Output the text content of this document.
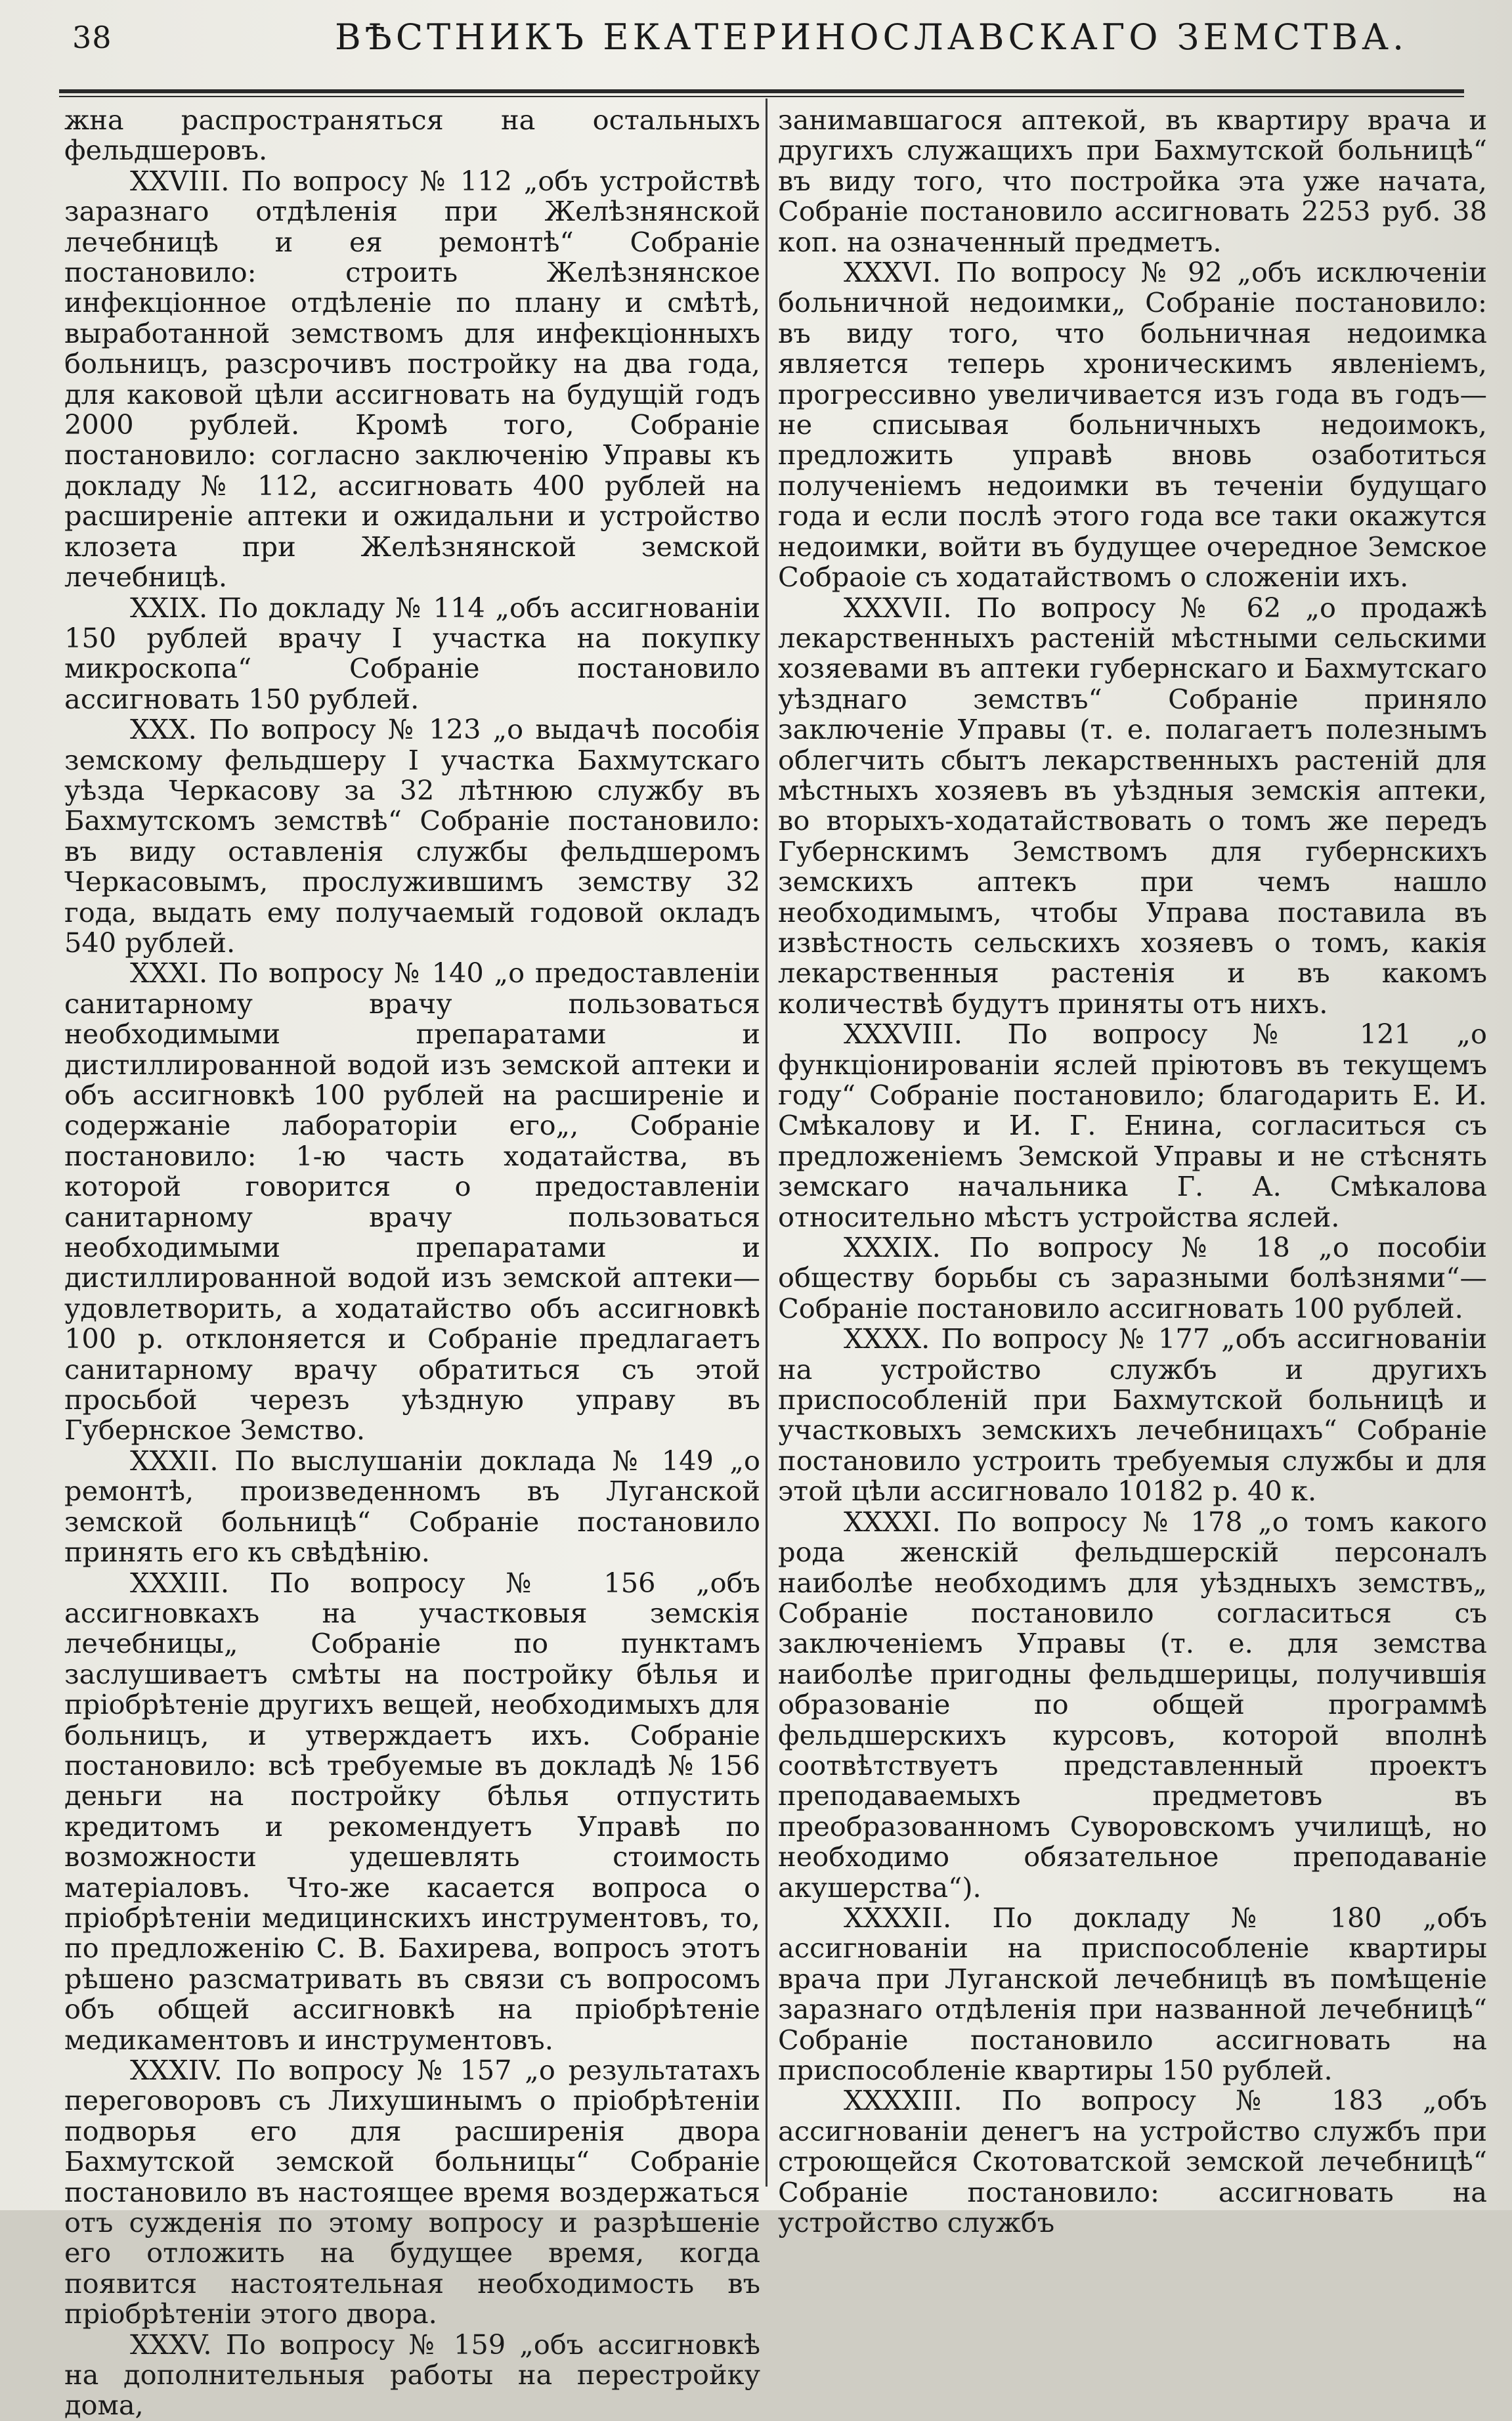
38	ВѢСТНИКЪ ЕКАТЕРИНОСЛАВСКАГО ЗЕМСТВА.

жна распространяться на остальныхъ фельдшеровъ.

XXVIII. По вопросу № 112 „объ устройствѣ заразнаго отдѣленія при Желѣзнянской лечебницѣ и ея ремонтѣ“ Собраніе постановило: строить Желѣзнянское инфекціонное отдѣленіе по плану и смѣтѣ, выработанной земствомъ для инфекціонныхъ больницъ, разсрочивъ постройку на два года, для каковой цѣли ассигновать на будущій годъ 2000 рублей. Кромѣ того, Собраніе постановило: согласно заключенію Управы къ докладу № 112, ассигновать 400 рублей на расширеніе аптеки и ожидальни и устройство клозета при Желѣзнянской земской лечебницѣ.

XXIX. По докладу № 114 „объ ассигнованіи 150 рублей врачу I участка на покупку микроскопа“ Собраніе постановило ассигновать 150 рублей.

XXX. По вопросу № 123 „о выдачѣ пособія земскому фельдшеру I участка Бахмутскаго уѣзда Черкасову за 32 лѣтнюю службу въ Бахмутскомъ земствѣ“ Собраніе постановило: въ виду оставленія службы фельдшеромъ Черкасовымъ, прослужившимъ земству 32 года, выдать ему получаемый годовой окладъ 540 рублей.

XXXI. По вопросу № 140 „о предоставленіи санитарному врачу пользоваться необходимыми препаратами и дистиллированной водой изъ земской аптеки и объ ассигновкѣ 100 рублей на расширеніе и содержаніе лабораторіи его„, Собраніе постановило: 1-ю часть ходатайства, въ которой говорится о предоставленіи санитарному врачу пользоваться необходимыми препаратами и дистиллированной водой изъ земской аптеки—удовлетворить, а ходатайство объ ассигновкѣ 100 р. отклоняется и Собраніе предлагаетъ санитарному врачу обратиться съ этой просьбой черезъ уѣздную управу въ Губернское Земство.

XXXII. По выслушаніи доклада № 149 „о ремонтѣ, произведенномъ въ Луганской земской больницѣ“ Собраніе постановило принять его къ свѣдѣнію.

XXXIII. По вопросу № 156 „объ ассигновкахъ на участковыя земскія лечебницы„ Собраніе по пунктамъ заслушиваетъ смѣты на постройку бѣлья и пріобрѣтеніе другихъ вещей, необходимыхъ для больницъ, и утверждаетъ ихъ. Собраніе постановило: всѣ требуемые въ докладѣ № 156 деньги на постройку бѣлья отпустить кредитомъ и рекомендуетъ Управѣ по возможности удешевлять стоимость матеріаловъ. Что-же касается вопроса о пріобрѣтеніи медицинскихъ инструментовъ, то, по предложенію С. В. Бахирева, вопросъ этотъ рѣшено разсматривать въ связи съ вопросомъ объ общей ассигновкѣ на пріобрѣтеніе медикаментовъ и инструментовъ.

XXXIV. По вопросу № 157 „о результатахъ переговоровъ съ Лихушинымъ о пріобрѣтеніи подворья его для расширенія двора Бахмутской земской больницы“ Собраніе постановило въ настоящее время воздержаться отъ сужденія по этому вопросу и разрѣшеніе его отложить на будущее время, когда появится настоятельная необходимость въ пріобрѣтеніи этого двора.

XXXV. По вопросу № 159 „объ ассигновкѣ на дополнительныя работы на перестройку дома,

занимавшагося аптекой, въ квартиру врача и другихъ служащихъ при Бахмутской больницѣ“ въ виду того, что постройка эта уже начата, Собраніе постановило ассигновать 2253 руб. 38 коп. на означенный предметъ.

XXXVI. По вопросу № 92 „объ исключеніи больничной недоимки„ Собраніе постановило: въ виду того, что больничная недоимка является теперь хроническимъ явленіемъ, прогрессивно увеличивается изъ года въ годъ—не списывая больничныхъ недоимокъ, предложить управѣ вновь озаботиться полученіемъ недоимки въ теченіи будущаго года и если послѣ этого года все таки окажутся недоимки, войти въ будущее очередное Земское Собраоіе съ ходатайствомъ о сложеніи ихъ.

XXXVII. По вопросу № 62 „о продажѣ лекарственныхъ растеній мѣстными сельскими хозяевами въ аптеки губернскаго и Бахмутскаго уѣзднаго земствъ“ Собраніе приняло заключеніе Управы (т. е. полагаетъ полезнымъ облегчить сбытъ лекарственныхъ растеній для мѣстныхъ хозяевъ въ уѣздныя земскія аптеки, во вторыхъ-ходатайствовать о томъ же передъ Губернскимъ Земствомъ для губернскихъ земскихъ аптекъ при чемъ нашло необходимымъ, чтобы Управа поставила въ извѣстность сельскихъ хозяевъ о томъ, какія лекарственныя растенія и въ какомъ количествѣ будутъ приняты отъ нихъ.

XXXVIII. По вопросу № 121 „о функціонированіи яслей пріютовъ въ текущемъ году“ Собраніе постановило; благодарить Е. И. Смѣкалову и И. Г. Енина, согласиться съ предложеніемъ Земской Управы и не стѣснять земскаго начальника Г. А. Смѣкалова относительно мѣстъ устройства яслей.

XXXIX. По вопросу № 18 „о пособіи обществу борьбы съ заразными болѣзнями“—Собраніе постановило ассигновать 100 рублей.

XXXX. По вопросу № 177 „объ ассигнованіи на устройство службъ и другихъ приспособленій при Бахмутской больницѣ и участковыхъ земскихъ лечебницахъ“ Собраніе постановило устроить требуемыя службы и для этой цѣли ассигновало 10182 р. 40 к.

XXXXI. По вопросу № 178 „о томъ какого рода женскій фельдшерскій персоналъ наиболѣе необходимъ для уѣздныхъ земствъ„ Собраніе постановило согласиться съ заключеніемъ Управы (т. е. для земства наиболѣе пригодны фельдшерицы, получившія образованіе по общей программѣ фельдшерскихъ курсовъ, которой вполнѣ соотвѣтствуетъ представленный проектъ преподаваемыхъ предметовъ въ преобразованномъ Суворовскомъ училищѣ, но необходимо обязательное преподаваніе акушерства“).

XXXXII. По докладу № 180 „объ ассигнованіи на приспособленіе квартиры врача при Луганской лечебницѣ въ помѣщеніе заразнаго отдѣленія при названной лечебницѣ“ Собраніе постановило ассигновать на приспособленіе квартиры 150 рублей.

XXXXIII. По вопросу № 183 „объ ассигнованіи денегъ на устройство службъ при строющейся Скотоватской земской лечебницѣ“ Собраніе постановило: ассигновать на устройство службъ
